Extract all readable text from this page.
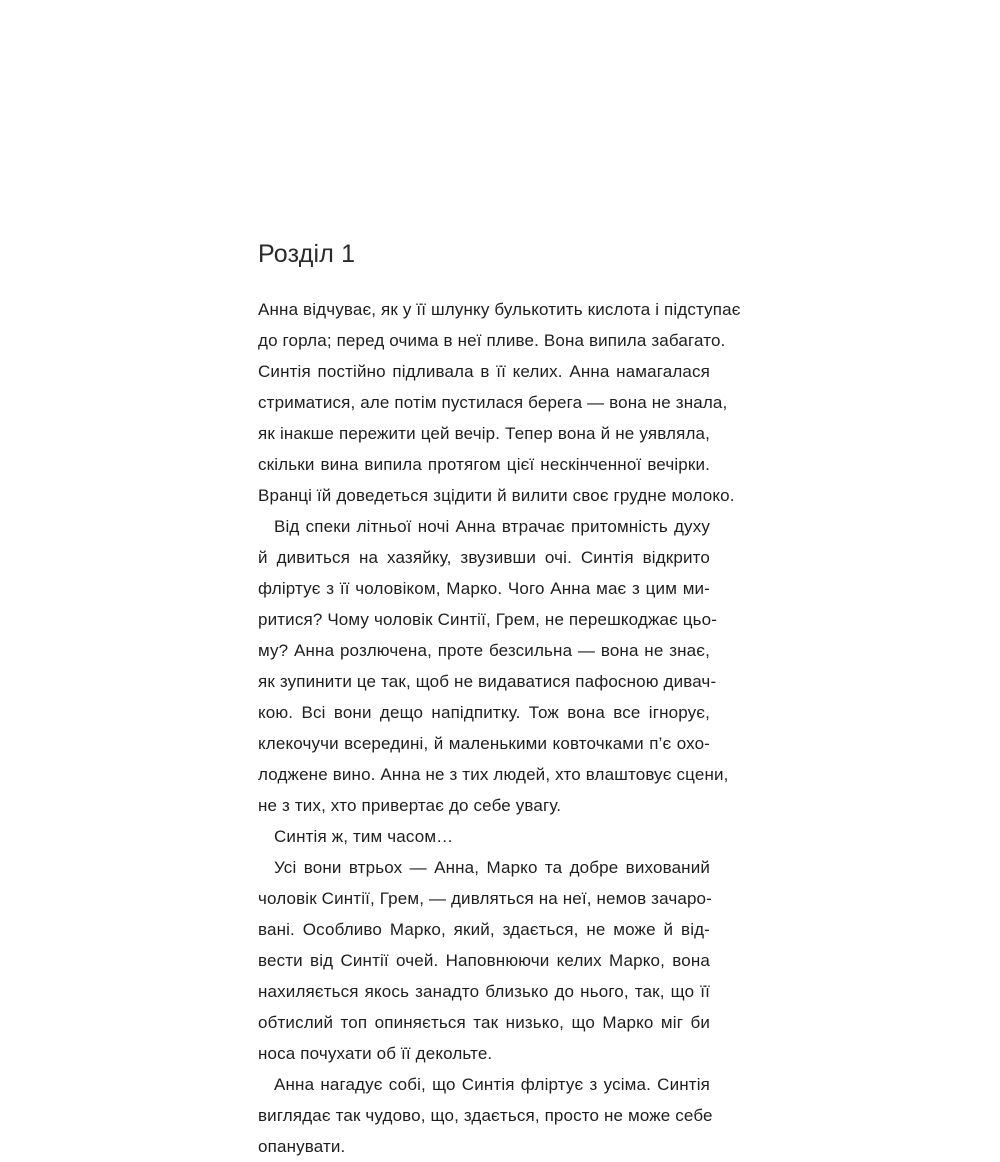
Розділ 1
Анна відчуває, як у її шлунку булькотить кислота і підступає
до горла; перед очима в неї пливе. Вона випила забагато.
Синтія постійно підливала в її келих. Анна намагалася
стриматися, але потім пустилася берега — вона не знала,
як інакше пережити цей вечір. Тепер вона й не уявляла,
скільки вина випила протягом цієї нескінченної вечірки.
Вранці їй доведеться зцідити й вилити своє грудне молоко.
Від спеки літньої ночі Анна втрачає притомність духу
й дивиться на хазяйку, звузивши очі. Синтія відкрито
фліртує з її чоловіком, Марко. Чого Анна має з цим ми-
ритися? Чому чоловік Синтії, Грем, не перешкоджає цьо-
му? Анна розлючена, проте безсильна — вона не знає,
як зупинити це так, щоб не видаватися пафосною дивач-
кою. Всі вони дещо напідпитку. Тож вона все ігнорує,
клекочучи всередині, й маленькими ковточками п’є охо-
лоджене вино. Анна не з тих людей, хто влаштовує сцени,
не з тих, хто привертає до себе увагу.
Синтія ж, тим часом…
Усі вони втрьох — Анна, Марко та добре вихований
чоловік Синтії, Грем, — дивляться на неї, немов зачаро-
вані. Особливо Марко, який, здається, не може й від-
вести від Синтії очей. Наповнюючи келих Марко, вона
нахиляється якось занадто близько до нього, так, що її
обтислий топ опиняється так низько, що Марко міг би
носа почухати об її декольте.
Анна нагадує собі, що Синтія фліртує з усіма. Синтія
виглядає так чудово, що, здається, просто не може себе
опанувати.
